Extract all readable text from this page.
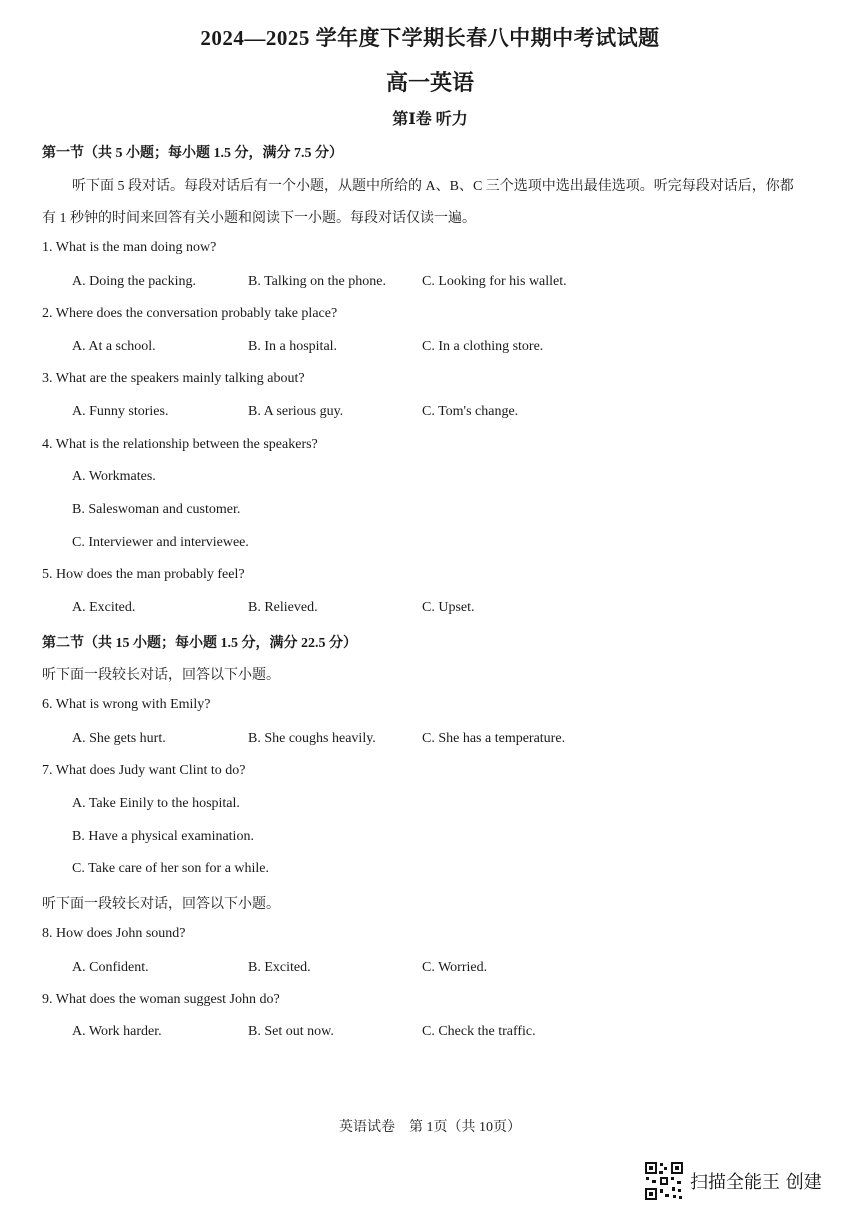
2024—2025 学年度下学期长春八中期中考试试题
高一英语
第Ⅰ卷 听力
第一节（共 5 小题；每小题 1.5 分，满分 7.5 分）
听下面 5 段对话。每段对话后有一个小题，从题中所给的 A、B、C 三个选项中选出最佳选项。听完每段对话后，你都
有 1 秒钟的时间来回答有关小题和阅读下一小题。每段对话仅读一遍。
1. What is the man doing now?
A. Doing the packing.	B. Talking on the phone.	C. Looking for his wallet.
2. Where does the conversation probably take place?
A. At a school.	B. In a hospital.	C. In a clothing store.
3. What are the speakers mainly talking about?
A. Funny stories.	B. A serious guy.	C. Tom's change.
4. What is the relationship between the speakers?
A. Workmates.
B. Saleswoman and customer.
C. Interviewer and interviewee.
5. How does the man probably feel?
A. Excited.	B. Relieved.	C. Upset.
第二节（共 15 小题；每小题 1.5 分，满分 22.5 分）
听下面一段较长对话，回答以下小题。
6. What is wrong with Emily?
A. She gets hurt.	B. She coughs heavily.	C. She has a temperature.
7. What does Judy want Clint to do?
A. Take Einily to the hospital.
B. Have a physical examination.
C. Take care of her son for a while.
听下面一段较长对话，回答以下小题。
8. How does John sound?
A. Confident.	B. Excited.	C. Worried.
9. What does the woman suggest John do?
A. Work harder.	B. Set out now.	C. Check the traffic.
英语试卷　第 1页（共 10页）
扫描全能王 创建
